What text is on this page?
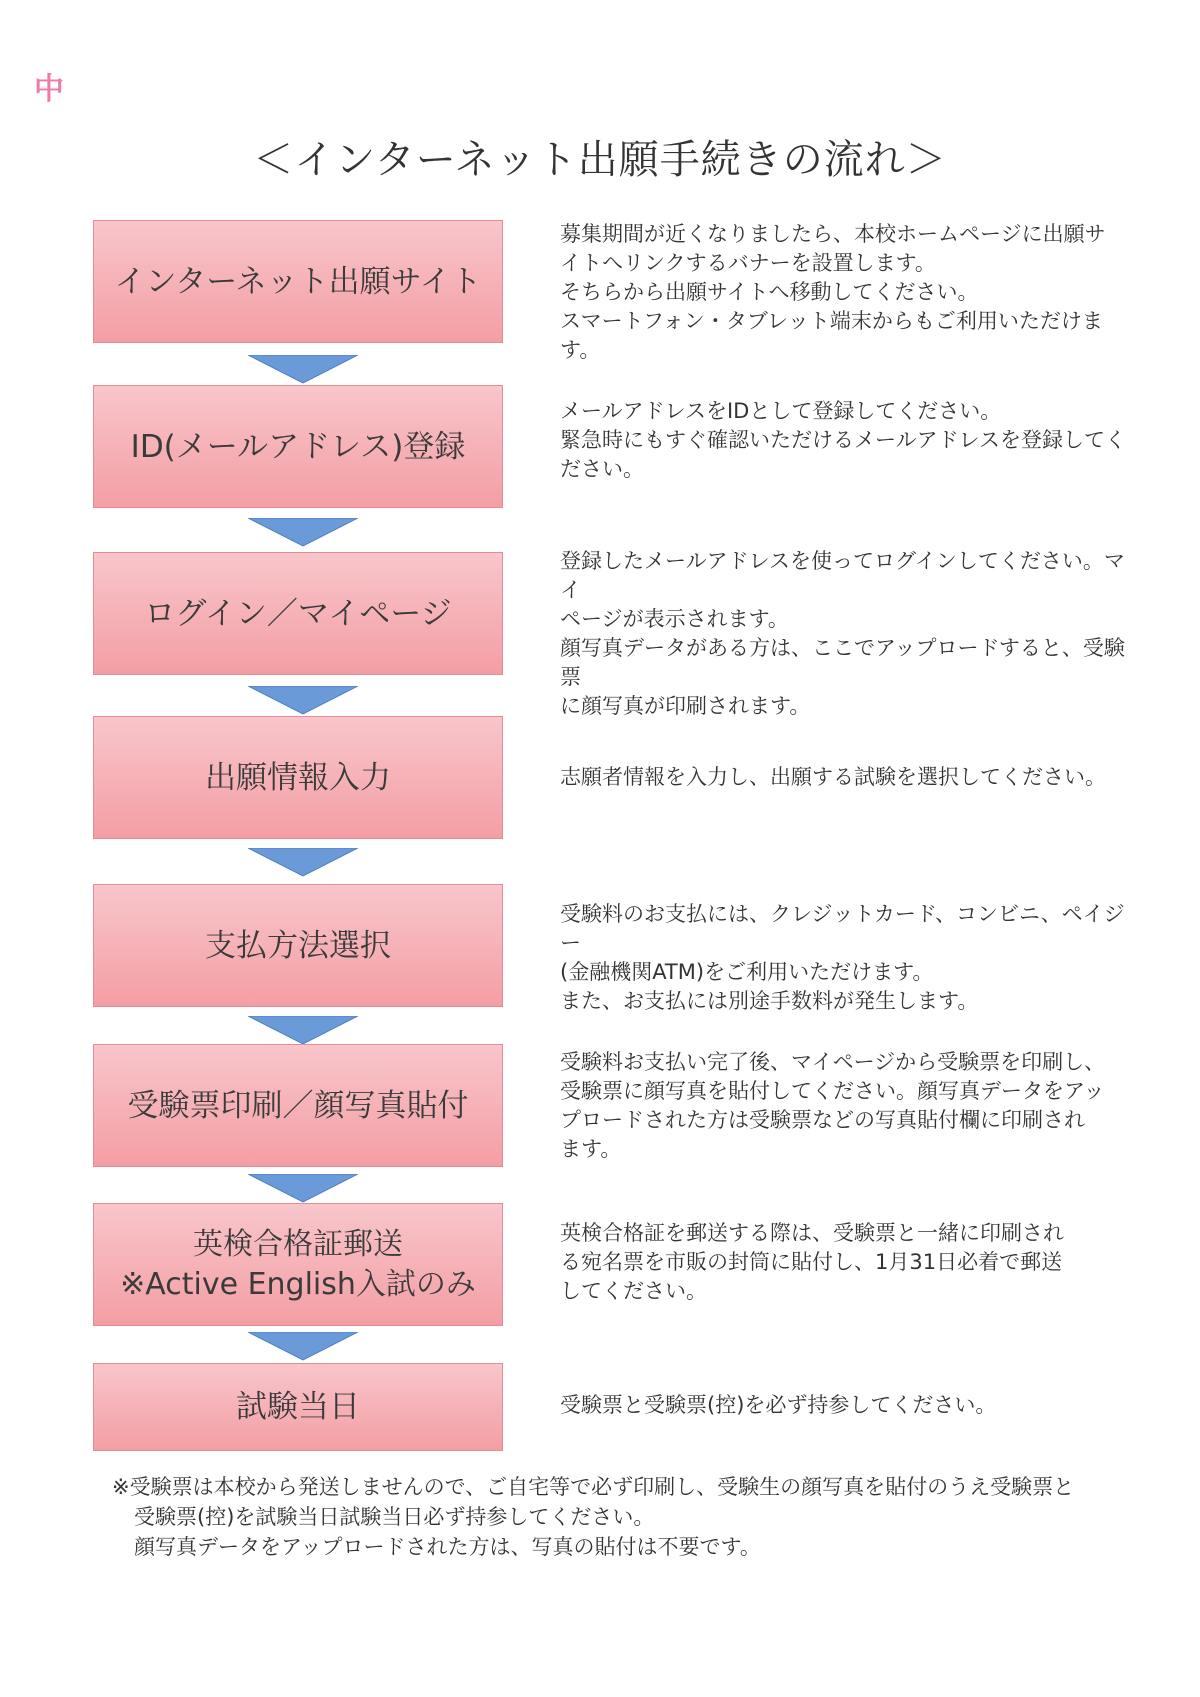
中
＜インターネット出願手続きの流れ＞
インターネット出願サイト
募集期間が近くなりましたら、本校ホームページに出願サ
イトへリンクするバナーを設置します。
そちらから出願サイトへ移動してください。
スマートフォン・タブレット端末からもご利用いただけます。
ID(メールアドレス)登録
メールアドレスをIDとして登録してください。
緊急時にもすぐ確認いただけるメールアドレスを登録してく
ださい。
ログイン／マイページ
登録したメールアドレスを使ってログインしてください。マイ
ページが表示されます。
顔写真データがある方は、ここでアップロードすると、受験票
に顔写真が印刷されます。
出願情報入力	志願者情報を入力し、出願する試験を選択してください。
支払方法選択
受験料のお支払には、クレジットカード、コンビニ、ペイジー
(金融機関ATM)をご利用いただけます。
また、お支払には別途手数料が発生します。
受験票印刷／顔写真貼付
受験料お支払い完了後、マイページから受験票を印刷し、
受験票に顔写真を貼付してください。顔写真データをアッ
プロードされた方は受験票などの写真貼付欄に印刷され
ます。
英検合格証郵送
※Active English入試のみ
英検合格証を郵送する際は、受験票と一緒に印刷され
る宛名票を市販の封筒に貼付し、1月31日必着で郵送
してください。
試験当日	受験票と受験票(控)を必ず持参してください。

※受験票は本校から発送しませんので、ご自宅等で必ず印刷し、受験生の顔写真を貼付のうえ受験票と

受験票(控)を試験当日試験当日必ず持参してください。

顔写真データをアップロードされた方は、写真の貼付は不要です。
